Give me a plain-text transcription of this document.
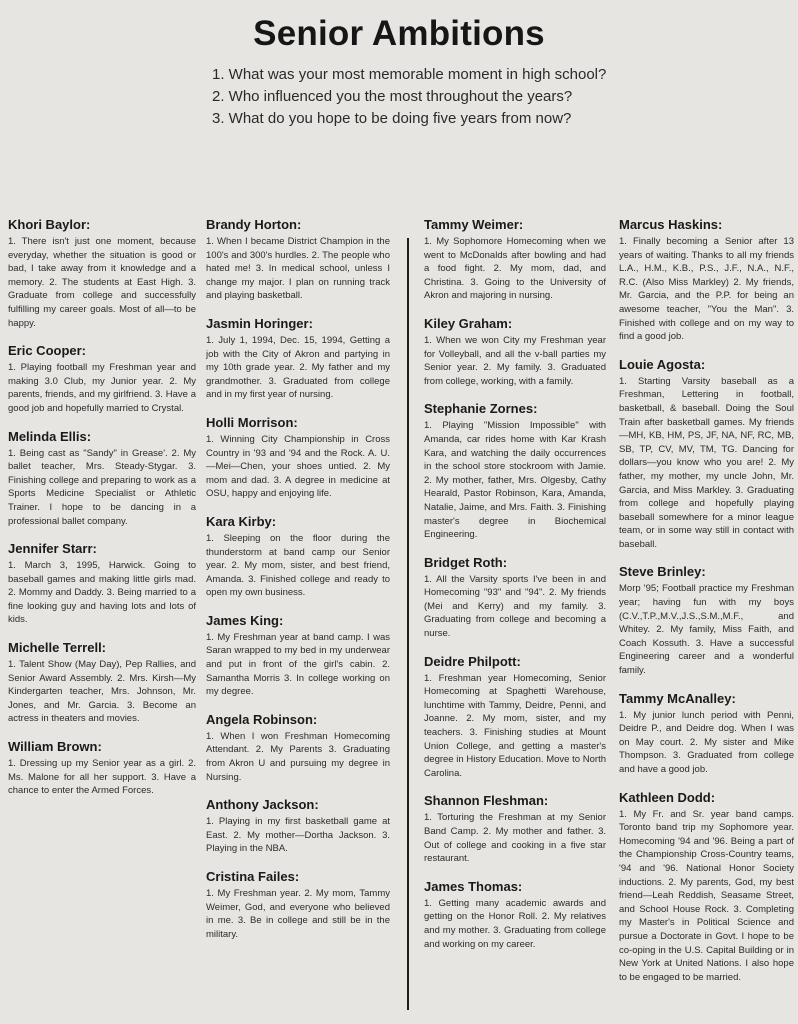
Senior Ambitions
1. What was your most memorable moment in high school?
2. Who influenced you the most throughout the years?
3. What do you hope to be doing five years from now?
Khori Baylor:
1. There isn't just one moment, because everyday, whether the situation is good or bad, I take away from it knowledge and a memory. 2. The students at East High. 3. Graduate from college and successfully fulfilling my career goals. Most of all—to be happy.
Eric Cooper:
1. Playing football my Freshman year and making 3.0 Club, my Junior year. 2. My parents, friends, and my girlfriend. 3. Have a good job and hopefully married to Crystal.
Melinda Ellis:
1. Being cast as "Sandy" in Grease'. 2. My ballet teacher, Mrs. Steady-Stygar. 3. Finishing college and preparing to work as a Sports Medicine Specialist or Athletic Trainer. I hope to be dancing in a professional ballet company.
Jennifer Starr:
1. March 3, 1995, Harwick. Going to baseball games and making little girls mad. 2. Mommy and Daddy. 3. Being married to a fine looking guy and having lots and lots of kids.
Michelle Terrell:
1. Talent Show (May Day), Pep Rallies, and Senior Award Assembly. 2. Mrs. Kirsh—My Kindergarten teacher, Mrs. Johnson, Mr. Jones, and Mr. Garcia. 3. Become an actress in theaters and movies.
William Brown:
1. Dressing up my Senior year as a girl. 2. Ms. Malone for all her support. 3. Have a chance to enter the Armed Forces.
Brandy Horton:
1. When I became District Champion in the 100's and 300's hurdles. 2. The people who hated me! 3. In medical school, unless I change my major. I plan on running track and playing basketball.
Jasmin Horinger:
1. July 1, 1994, Dec. 15, 1994, Getting a job with the City of Akron and partying in my 10th grade year. 2. My father and my grandmother. 3. Graduated from college and in my first year of nursing.
Holli Morrison:
1. Winning City Championship in Cross Country in '93 and '94 and the Rock. A. U.—Mei—Chen, your shoes untied. 2. My mom and dad. 3. A degree in medicine at OSU, happy and enjoying life.
Kara Kirby:
1. Sleeping on the floor during the thunderstorm at band camp our Senior year. 2. My mom, sister, and best friend, Amanda. 3. Finished college and ready to open my own business.
James King:
1. My Freshman year at band camp. I was Saran wrapped to my bed in my underwear and put in front of the girl's cabin. 2. Samantha Morris 3. In college working on my degree.
Angela Robinson:
1. When I won Freshman Homecoming Attendant. 2. My Parents 3. Graduating from Akron U and pursuing my degree in Nursing.
Anthony Jackson:
1. Playing in my first basketball game at East. 2. My mother—Dortha Jackson. 3. Playing in the NBA.
Cristina Failes:
1. My Freshman year. 2. My mom, Tammy Weimer, God, and everyone who believed in me. 3. Be in college and still be in the military.
Tammy Weimer:
1. My Sophomore Homecoming when we went to McDonalds after bowling and had a food fight. 2. My mom, dad, and Christina. 3. Going to the University of Akron and majoring in nursing.
Kiley Graham:
1. When we won City my Freshman year for Volleyball, and all the v-ball parties my Senior year. 2. My family. 3. Graduated from college, working, with a family.
Stephanie Zornes:
1. Playing "Mission Impossible" with Amanda, car rides home with Kar Krash Kara, and watching the daily occurrences in the school store stockroom with Jamie. 2. My mother, father, Mrs. Olgesby, Cathy Hearald, Pastor Robinson, Kara, Amanda, Natalie, Jaime, and Mrs. Faith. 3. Finishing master's degree in Biochemical Engineering.
Bridget Roth:
1. All the Varsity sports I've been in and Homecoming "93" and "94". 2. My friends (Mei and Kerry) and my family. 3. Graduating from college and becoming a nurse.
Deidre Philpott:
1. Freshman year Homecoming, Senior Homecoming at Spaghetti Warehouse, lunchtime with Tammy, Deidre, Penni, and Joanne. 2. My mom, sister, and my teachers. 3. Finishing studies at Mount Union College, and getting a master's degree in History Education. Move to North Carolina.
Shannon Fleshman:
1. Torturing the Freshman at my Senior Band Camp. 2. My mother and father. 3. Out of college and cooking in a five star restaurant.
James Thomas:
1. Getting many academic awards and getting on the Honor Roll. 2. My relatives and my mother. 3. Graduating from college and working on my career.
Marcus Haskins:
1. Finally becoming a Senior after 13 years of waiting. Thanks to all my friends L.A., H.M., K.B., P.S., J.F., N.A., N.F., R.C. (Also Miss Markley) 2. My friends, Mr. Garcia, and the P.P. for being an awesome teacher, "You the Man". 3. Finished with college and on my way to find a good job.
Louie Agosta:
1. Starting Varsity baseball as a Freshman, Lettering in football, basketball, & baseball. Doing the Soul Train after basketball games. My friends—MH, KB, HM, PS, JF, NA, NF, RC, MB, SB, TP, CV, MV, TM, TG. Dancing for dollars—you know who you are! 2. My father, my mother, my uncle John, Mr. Garcia, and Miss Markley. 3. Graduating from college and hopefully playing baseball somewhere for a minor league team, or in some way still in contact with baseball.
Steve Brinley:
Morp '95; Football practice my Freshman year; having fun with my boys (C.V.,T.P.,M.V.,J.S.,S.M.,M.F., and Whitey. 2. My family, Miss Faith, and Coach Kossuth. 3. Have a successful Engineering career and a wonderful family.
Tammy McAnalley:
1. My junior lunch period with Penni, Deidre P., and Deidre dog. When I was on May court. 2. My sister and Mike Thompson. 3. Graduated from college and have a good job.
Kathleen Dodd:
1. My Fr. and Sr. year band camps. Toronto band trip my Sophomore year. Homecoming '94 and '96. Being a part of the Championship Cross-Country teams, '94 and '96. National Honor Society inductions. 2. My parents, God, my best friend—Leah Reddish, Seasame Street, and School House Rock. 3. Completing my Master's in Political Science and pursue a Doctorate in Govt. I hope to be co-oping in the U.S. Capital Building or in New York at United Nations. I also hope to be engaged to be married.
